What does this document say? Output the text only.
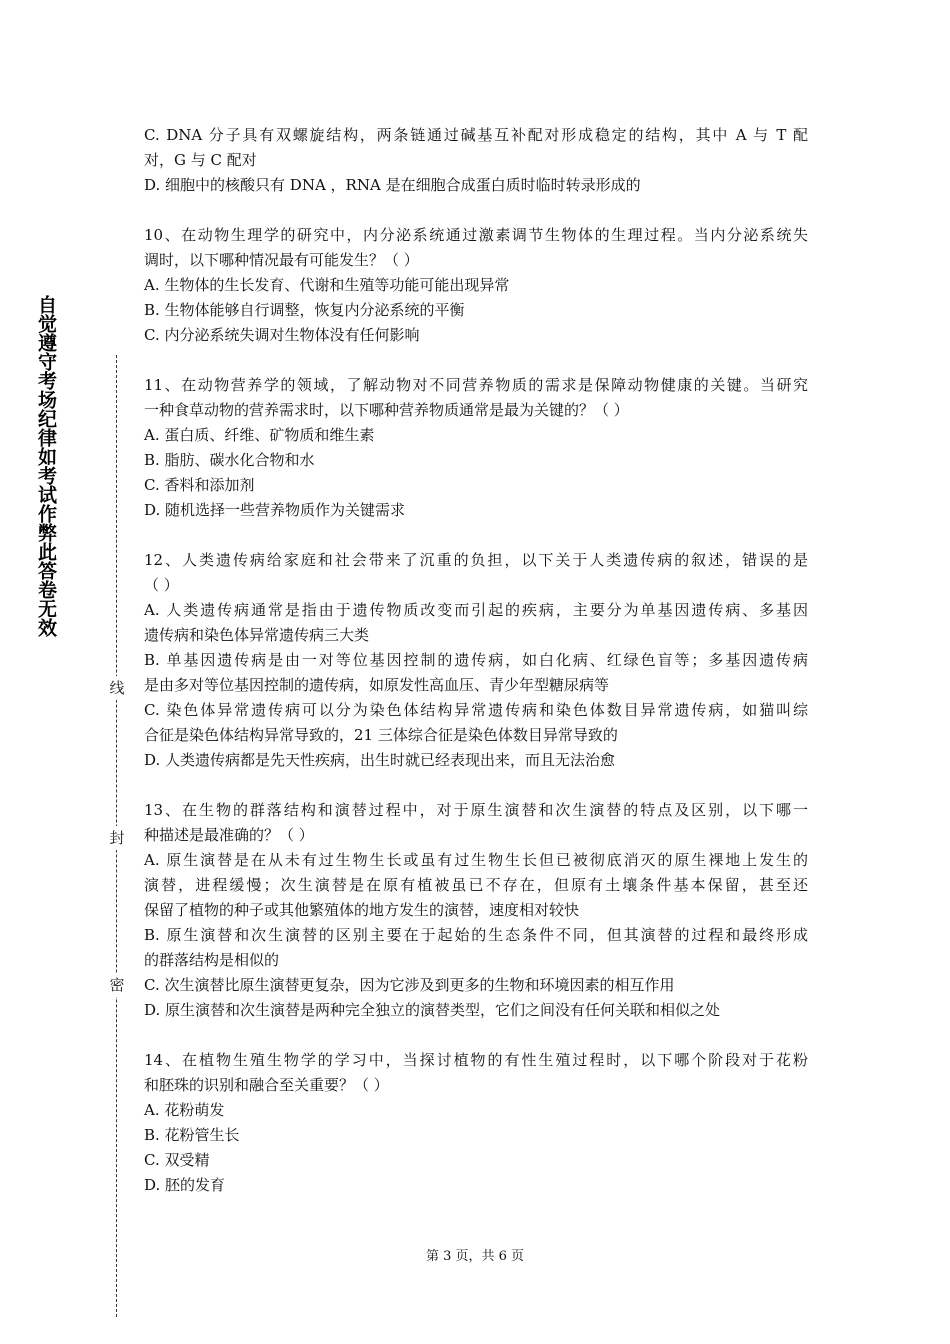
自觉遵守考场纪律如考试作弊此答卷无效
线
封
密
C. DNA 分子具有双螺旋结构，两条链通过碱基互补配对形成稳定的结构，其中 A 与 T 配
对，G 与 C 配对
D. 细胞中的核酸只有 DNA ，RNA 是在细胞合成蛋白质时临时转录形成的
10、在动物生理学的研究中，内分泌系统通过激素调节生物体的生理过程。当内分泌系统失
调时，以下哪种情况最有可能发生？（ ）
A. 生物体的生长发育、代谢和生殖等功能可能出现异常
B. 生物体能够自行调整，恢复内分泌系统的平衡
C. 内分泌系统失调对生物体没有任何影响
11、在动物营养学的领域，了解动物对不同营养物质的需求是保障动物健康的关键。当研究
一种食草动物的营养需求时，以下哪种营养物质通常是最为关键的？（ ）
A. 蛋白质、纤维、矿物质和维生素
B. 脂肪、碳水化合物和水
C. 香料和添加剂
D. 随机选择一些营养物质作为关键需求
12、人类遗传病给家庭和社会带来了沉重的负担，以下关于人类遗传病的叙述，错误的是
（ ）
A. 人类遗传病通常是指由于遗传物质改变而引起的疾病，主要分为单基因遗传病、多基因
遗传病和染色体异常遗传病三大类
B. 单基因遗传病是由一对等位基因控制的遗传病，如白化病、红绿色盲等；多基因遗传病
是由多对等位基因控制的遗传病，如原发性高血压、青少年型糖尿病等
C. 染色体异常遗传病可以分为染色体结构异常遗传病和染色体数目异常遗传病，如猫叫综
合征是染色体结构异常导致的，21 三体综合征是染色体数目异常导致的
D. 人类遗传病都是先天性疾病，出生时就已经表现出来，而且无法治愈
13、在生物的群落结构和演替过程中，对于原生演替和次生演替的特点及区别，以下哪一
种描述是最准确的？（ ）
A. 原生演替是在从未有过生物生长或虽有过生物生长但已被彻底消灭的原生裸地上发生的
演替，进程缓慢；次生演替是在原有植被虽已不存在，但原有土壤条件基本保留，甚至还
保留了植物的种子或其他繁殖体的地方发生的演替，速度相对较快
B. 原生演替和次生演替的区别主要在于起始的生态条件不同，但其演替的过程和最终形成
的群落结构是相似的
C. 次生演替比原生演替更复杂，因为它涉及到更多的生物和环境因素的相互作用
D. 原生演替和次生演替是两种完全独立的演替类型，它们之间没有任何关联和相似之处
14、在植物生殖生物学的学习中，当探讨植物的有性生殖过程时，以下哪个阶段对于花粉
和胚珠的识别和融合至关重要？（ ）
A. 花粉萌发
B. 花粉管生长
C. 双受精
D. 胚的发育
第 3 页，共 6 页
